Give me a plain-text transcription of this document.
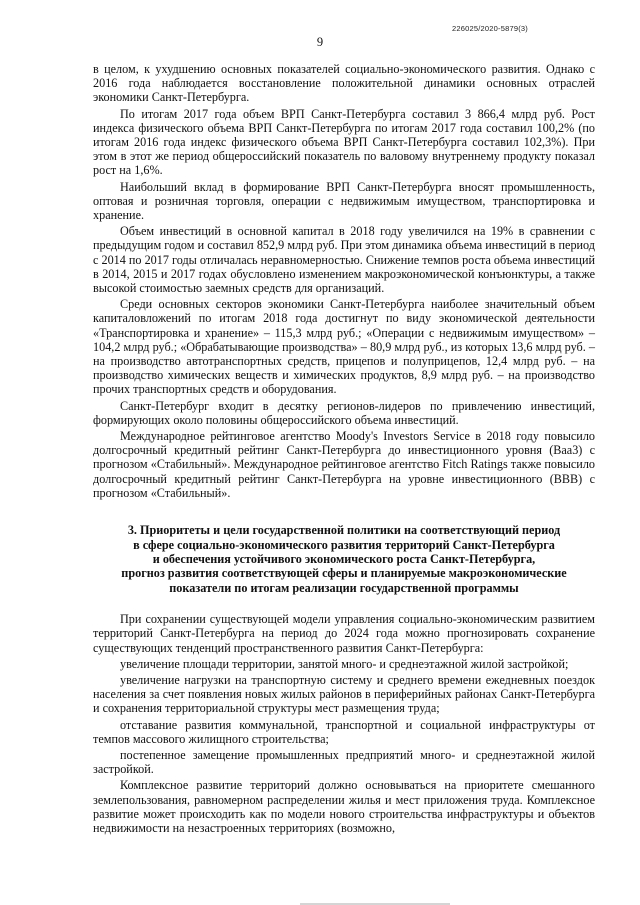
226025/2020-5879(3)
9

в целом, к ухудшению основных показателей социально-экономического развития. Однако с 2016 года наблюдается восстановление положительной динамики основных отраслей экономики Санкт-Петербурга.

По итогам 2017 года объем ВРП Санкт-Петербурга составил 3 866,4 млрд руб. Рост индекса физического объема ВРП Санкт-Петербурга по итогам 2017 года составил 100,2% (по итогам 2016 года индекс физического объема ВРП Санкт-Петербурга составил 102,3%). При этом в этот же период общероссийский показатель по валовому внутреннему продукту показал рост на 1,6%.

Наибольший вклад в формирование ВРП Санкт-Петербурга вносят промышленность, оптовая и розничная торговля, операции с недвижимым имуществом, транспортировка и хранение.

Объем инвестиций в основной капитал в 2018 году увеличился на 19% в сравнении с предыдущим годом и составил 852,9 млрд руб. При этом динамика объема инвестиций в период с 2014 по 2017 годы отличалась неравномерностью. Снижение темпов роста объема инвестиций в 2014, 2015 и 2017 годах обусловлено изменением макроэкономической конъюнктуры, а также высокой стоимостью заемных средств для организаций.

Среди основных секторов экономики Санкт-Петербурга наиболее значительный объем капиталовложений по итогам 2018 года достигнут по виду экономической деятельности «Транспортировка и хранение» – 115,3 млрд руб.; «Операции с недвижимым имуществом» – 104,2 млрд руб.; «Обрабатывающие производства» – 80,9 млрд руб., из которых 13,6 млрд руб. – на производство автотранспортных средств, прицепов и полуприцепов, 12,4 млрд руб. – на производство химических веществ и химических продуктов, 8,9 млрд руб. – на производство прочих транспортных средств и оборудования.

Санкт-Петербург входит в десятку регионов-лидеров по привлечению инвестиций, формирующих около половины общероссийского объема инвестиций.

Международное рейтинговое агентство Moody's Investors Service в 2018 году повысило долгосрочный кредитный рейтинг Санкт-Петербурга до инвестиционного уровня (Baa3) с прогнозом «Стабильный». Международное рейтинговое агентство Fitch Ratings также повысило долгосрочный кредитный рейтинг Санкт-Петербурга на уровне инвестиционного (BBB) с прогнозом «Стабильный».

3. Приоритеты и цели государственной политики на соответствующий период
в сфере социально-экономического развития территорий Санкт-Петербурга
и обеспечения устойчивого экономического роста Санкт-Петербурга,
прогноз развития соответствующей сферы и планируемые макроэкономические
показатели по итогам реализации государственной программы

При сохранении существующей модели управления социально-экономическим развитием территорий Санкт-Петербурга на период до 2024 года можно прогнозировать сохранение существующих тенденций пространственного развития Санкт-Петербурга:

увеличение площади территории, занятой много- и среднеэтажной жилой застройкой;

увеличение нагрузки на транспортную систему и среднего времени ежедневных поездок населения за счет появления новых жилых районов в периферийных районах Санкт-Петербурга и сохранения территориальной структуры мест размещения труда;

отставание развития коммунальной, транспортной и социальной инфраструктуры от темпов массового жилищного строительства;

постепенное замещение промышленных предприятий много- и среднеэтажной жилой застройкой.

Комплексное развитие территорий должно основываться на приоритете смешанного землепользования, равномерном распределении жилья и мест приложения труда. Комплексное развитие может происходить как по модели нового строительства инфраструктуры и объектов недвижимости на незастроенных территориях (возможно,
